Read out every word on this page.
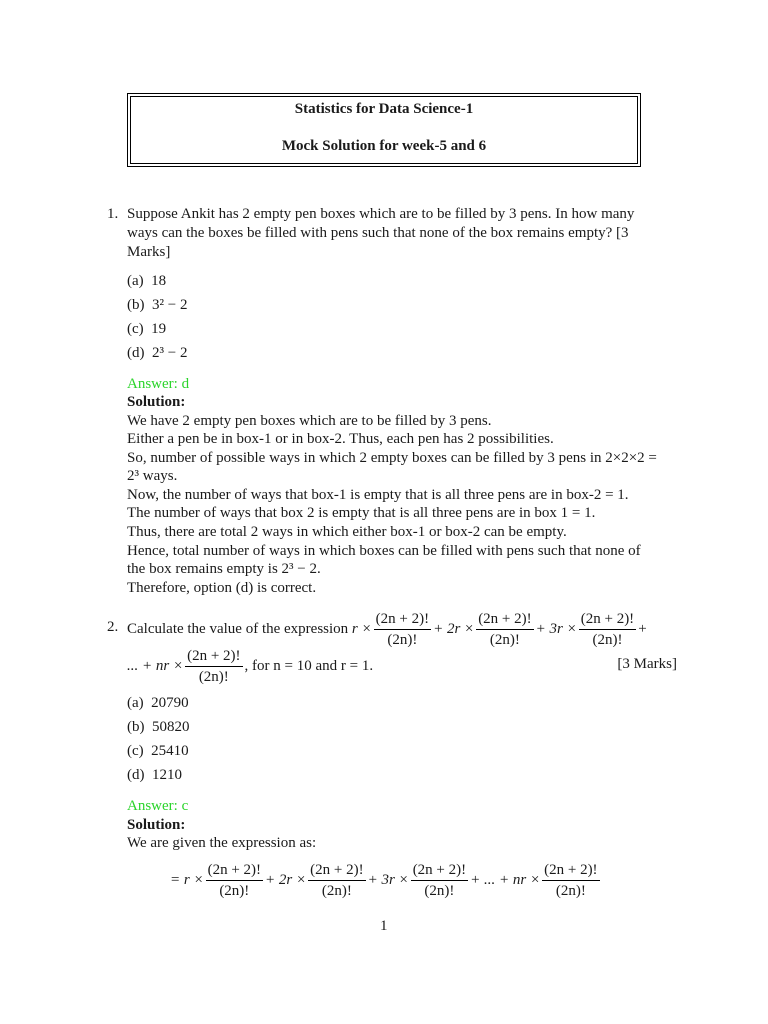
Statistics for Data Science-1
Mock Solution for week-5 and 6
1. Suppose Ankit has 2 empty pen boxes which are to be filled by 3 pens. In how many
ways can the boxes be filled with pens such that none of the box remains empty? [3
Marks]
(a) 18
(b) 3² − 2
(c) 19
(d) 2³ − 2
Answer: d
Solution:
We have 2 empty pen boxes which are to be filled by 3 pens.
Either a pen be in box-1 or in box-2. Thus, each pen has 2 possibilities.
So, number of possible ways in which 2 empty boxes can be filled by 3 pens in 2×2×2 =
2³ ways.
Now, the number of ways that box-1 is empty that is all three pens are in box-2 = 1.
The number of ways that box 2 is empty that is all three pens are in box 1 = 1.
Thus, there are total 2 ways in which either box-1 or box-2 can be empty.
Hence, total number of ways in which boxes can be filled with pens such that none of
the box remains empty is 2³ − 2.
Therefore, option (d) is correct.
2. Calculate the value of the expression
$r \times \frac{(2n + 2)!}{(2n)!} + 2r \times \frac{(2n + 2)!}{(2n)!} + 3r \times \frac{(2n + 2)!}{(2n)!}$ +
... + nr × $\frac{(2n + 2)!}{(2n)!}$ , for n = 10 and r = 1.	[3 Marks]
(a) 20790
(b) 50820
(c) 25410
(d) 1210
Answer: c
Solution:
We are given the expression as:
= $r \times \frac{(2n + 2)!}{(2n)!} + 2r \times \frac{(2n + 2)!}{(2n)!} + 3r \times \frac{(2n + 2)!}{(2n)!}$ + ... + nr × $\frac{(2n + 2)!}{(2n)!}$
1
